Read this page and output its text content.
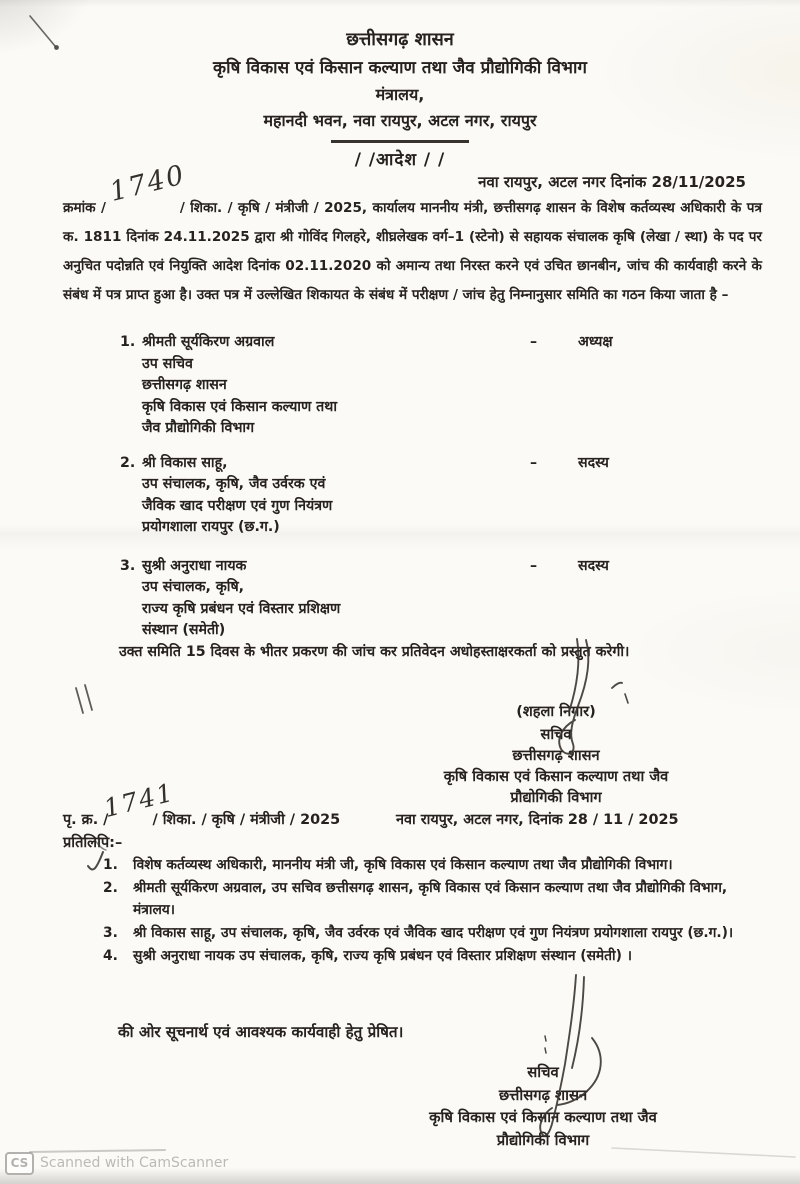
छत्तीसगढ़ शासन
कृषि विकास एवं किसान कल्याण तथा जैव प्रौद्योगिकी विभाग
मंत्रालय,
महानदी भवन, नवा रायपुर, अटल नगर, रायपुर
/ /आदेश / /
नवा रायपुर, अटल नगर दिनांक 28/11/2025
क्रमांक /
1740
/ शिका. / कृषि / मंत्रीजी / 2025, कार्यालय माननीय मंत्री, छत्तीसगढ़ शासन के विशेष कर्तव्यस्थ अधिकारी के पत्र क. 1811 दिनांक 24.11.2025 द्वारा श्री गोविंद गिलहरे, शीघ्रलेखक वर्ग–1 (स्टेनो) से सहायक संचालक कृषि (लेखा / स्था) के पद पर अनुचित पदोन्नति एवं नियुक्ति आदेश दिनांक 02.11.2020 को अमान्य तथा निरस्त करने एवं उचित छानबीन, जांच की कार्यवाही करने के संबंध में पत्र प्राप्त हुआ है। उक्त पत्र में उल्लेखित शिकायत के संबंध में परीक्षण / जांच हेतु निम्नानुसार समिति का गठन किया जाता है –
1. श्रीमती सूर्यकिरण अग्रवाल
उप सचिव
छत्तीसगढ़ शासन
कृषि विकास एवं किसान कल्याण तथा
जैव प्रौद्योगिकी विभाग
–	अध्यक्ष
2. श्री विकास साहू,
उप संचालक, कृषि, जैव उर्वरक एवं
जैविक खाद परीक्षण एवं गुण नियंत्रण
प्रयोगशाला रायपुर (छ.ग.)
–	सदस्य
3. सुश्री अनुराधा नायक
उप संचालक, कृषि,
राज्य कृषि प्रबंधन एवं विस्तार प्रशिक्षण
संस्थान (समेती)
–	सदस्य
उक्त समिति 15 दिवस के भीतर प्रकरण की जांच कर प्रतिवेदन अधोहस्ताक्षरकर्ता को प्रस्तुत करेगी।
(शहला निगार)
सचिव
छत्तीसगढ़ शासन
कृषि विकास एवं किसान कल्याण तथा जैव
प्रौद्योगिकी विभाग
पृ. क्र. /
1741
/ शिका. / कृषि / मंत्रीजी / 2025	नवा रायपुर, अटल नगर, दिनांक 28 / 11 / 2025
प्रतिलिपि:–
1.	विशेष कर्तव्यस्थ अधिकारी, माननीय मंत्री जी, कृषि विकास एवं किसान कल्याण तथा जैव प्रौद्योगिकी विभाग।
2.	श्रीमती सूर्यकिरण अग्रवाल, उप सचिव छत्तीसगढ़ शासन, कृषि विकास एवं किसान कल्याण तथा जैव प्रौद्योगिकी विभाग, मंत्रालय।
3.	श्री विकास साहू, उप संचालक, कृषि, जैव उर्वरक एवं जैविक खाद परीक्षण एवं गुण नियंत्रण प्रयोगशाला रायपुर (छ.ग.)।
4.	सुश्री अनुराधा नायक उप संचालक, कृषि, राज्य कृषि प्रबंधन एवं विस्तार प्रशिक्षण संस्थान (समेती) ।
की ओर सूचनार्थ एवं आवश्यक कार्यवाही हेतु प्रेषित।
सचिव
छत्तीसगढ़ शासन
कृषि विकास एवं किसान कल्याण तथा जैव
प्रौद्योगिकी विभाग
CS Scanned with CamScanner
